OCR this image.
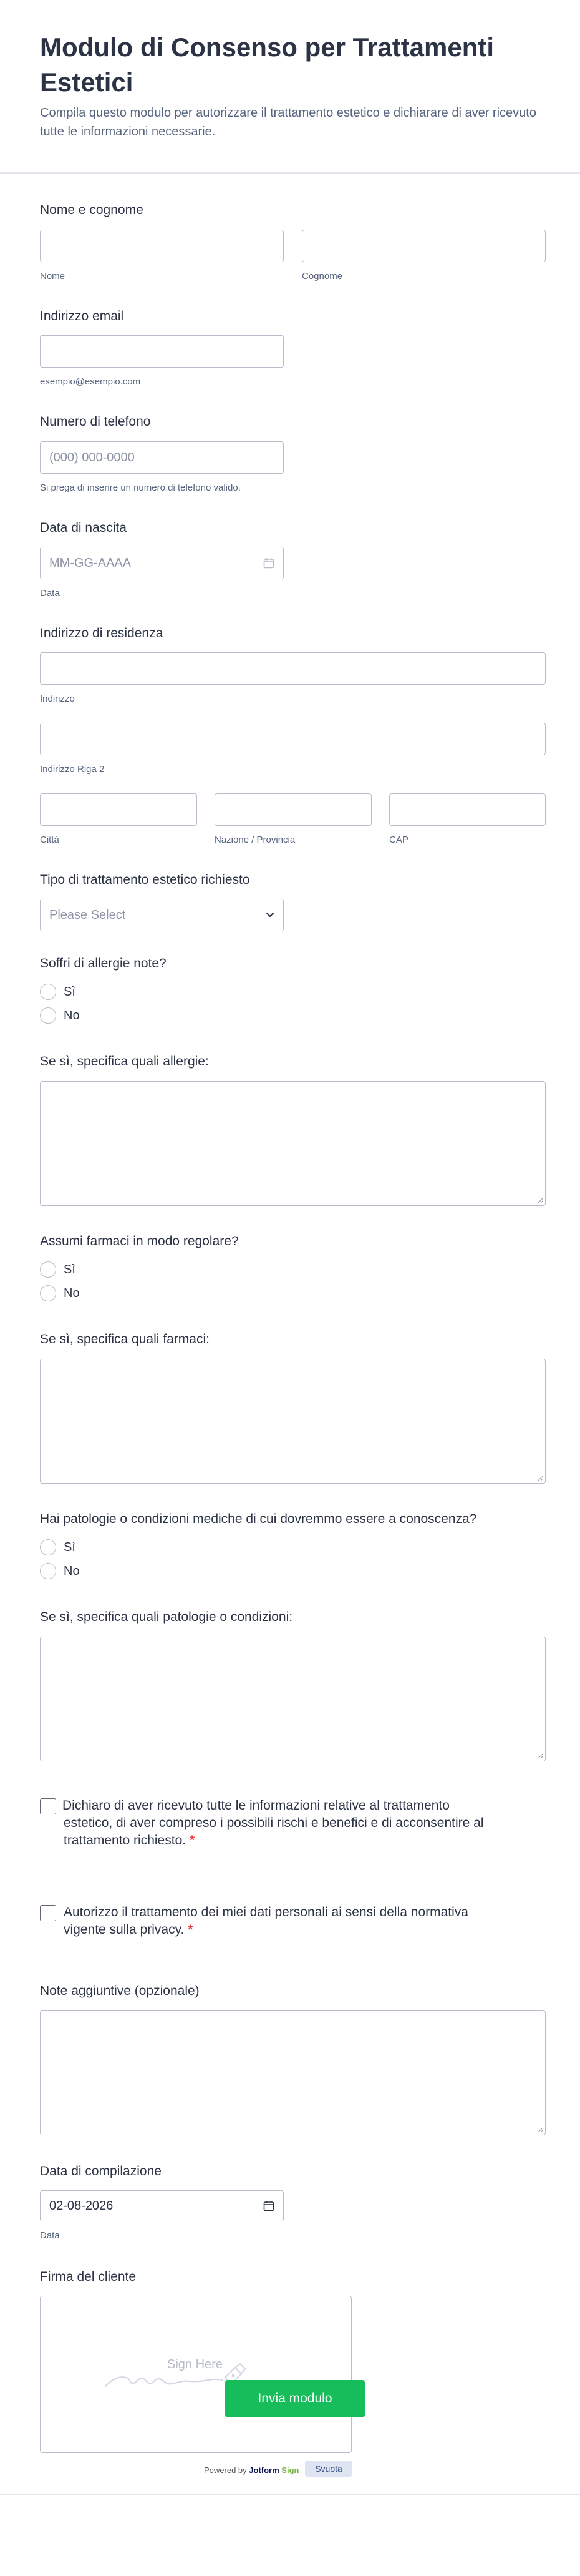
Modulo di Consenso per Trattamenti Estetici
Compila questo modulo per autorizzare il trattamento estetico e dichiarare di aver ricevuto tutte le informazioni necessarie.
Nome e cognome
Nome	Cognome
Indirizzo email
esempio@esempio.com
Numero di telefono
(000) 000-0000
Si prega di inserire un numero di telefono valido.
Data di nascita
MM-GG-AAAA
Data
Indirizzo di residenza
Indirizzo
Indirizzo Riga 2
Città	Nazione / Provincia	CAP
Tipo di trattamento estetico richiesto
Please Select
Soffri di allergie note?
Sì
No
Se sì, specifica quali allergie:
Assumi farmaci in modo regolare?
Sì
No
Se sì, specifica quali farmaci:
Hai patologie o condizioni mediche di cui dovremmo essere a conoscenza?
Sì
No
Se sì, specifica quali patologie o condizioni:
Dichiaro di aver ricevuto tutte le informazioni relative al trattamento estetico, di aver compreso i possibili rischi e benefici e di acconsentire al trattamento richiesto. *
Autorizzo il trattamento dei miei dati personali ai sensi della normativa vigente sulla privacy. *
Note aggiuntive (opzionale)
Data di compilazione
02-08-2026
Data
Firma del cliente
Sign Here
Powered by Jotform Sign	Svuota
Invia modulo
